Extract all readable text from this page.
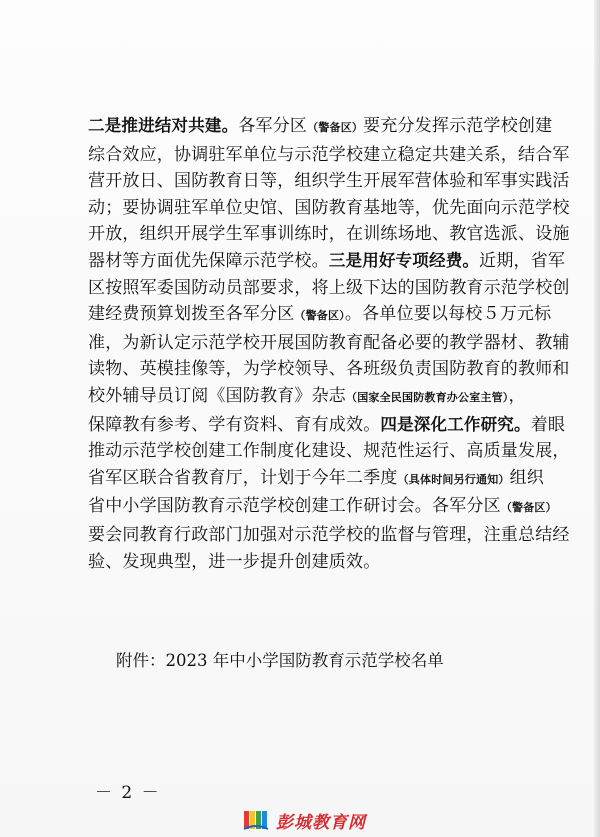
二是推进结对共建。各军分区（警备区）要充分发挥示范学校创建
综合效应，协调驻军单位与示范学校建立稳定共建关系，结合军
营开放日、国防教育日等，组织学生开展军营体验和军事实践活
动；要协调驻军单位史馆、国防教育基地等，优先面向示范学校
开放，组织开展学生军事训练时，在训练场地、教官选派、设施
器材等方面优先保障示范学校。三是用好专项经费。近期，省军
区按照军委国防动员部要求，将上级下达的国防教育示范学校创
建经费预算划拨至各军分区（警备区）。各单位要以每校５万元标
准，为新认定示范学校开展国防教育配备必要的教学器材、教辅
读物、英模挂像等，为学校领导、各班级负责国防教育的教师和
校外辅导员订阅《国防教育》杂志（国家全民国防教育办公室主管），
保障教有参考、学有资料、育有成效。四是深化工作研究。着眼
推动示范学校创建工作制度化建设、规范性运行、高质量发展，
省军区联合省教育厅，计划于今年二季度（具体时间另行通知）组织
省中小学国防教育示范学校创建工作研讨会。各军分区（警备区）
要会同教育行政部门加强对示范学校的监督与管理，注重总结经
验、发现典型，进一步提升创建质效。
附件：2023 年中小学国防教育示范学校名单
－ 2 －
彭城教育网
